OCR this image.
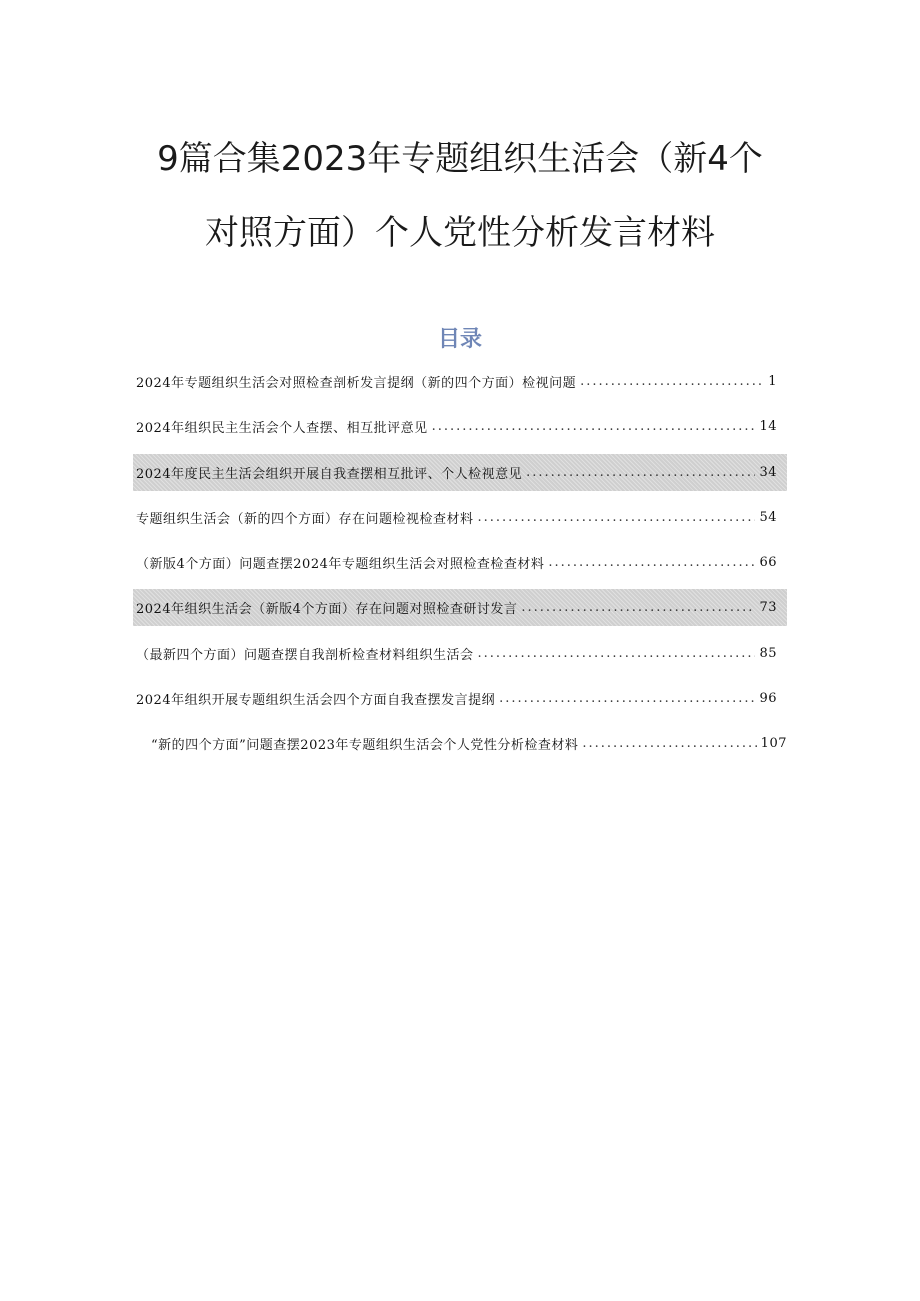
9篇合集2023年专题组织生活会（新4个
对照方面）个人党性分析发言材料
目录
2024年专题组织生活会对照检查剖析发言提纲（新的四个方面）检视问题 .....	1
2024年组织民主生活会个人查摆、相互批评意见 .....	14
2024年度民主生活会组织开展自我查摆相互批评、个人检视意见 .....	34
专题组织生活会（新的四个方面）存在问题检视检查材料 .....	54
（新版4个方面）问题查摆2024年专题组织生活会对照检查检查材料 .....	66
2024年组织生活会（新版4个方面）存在问题对照检查研讨发言 .....	73
（最新四个方面）问题查摆自我剖析检查材料组织生活会 .....	85
2024年组织开展专题组织生活会四个方面自我查摆发言提纲 .....	96
“新的四个方面”问题查摆2023年专题组织生活会个人党性分析检查材料 .....	107
